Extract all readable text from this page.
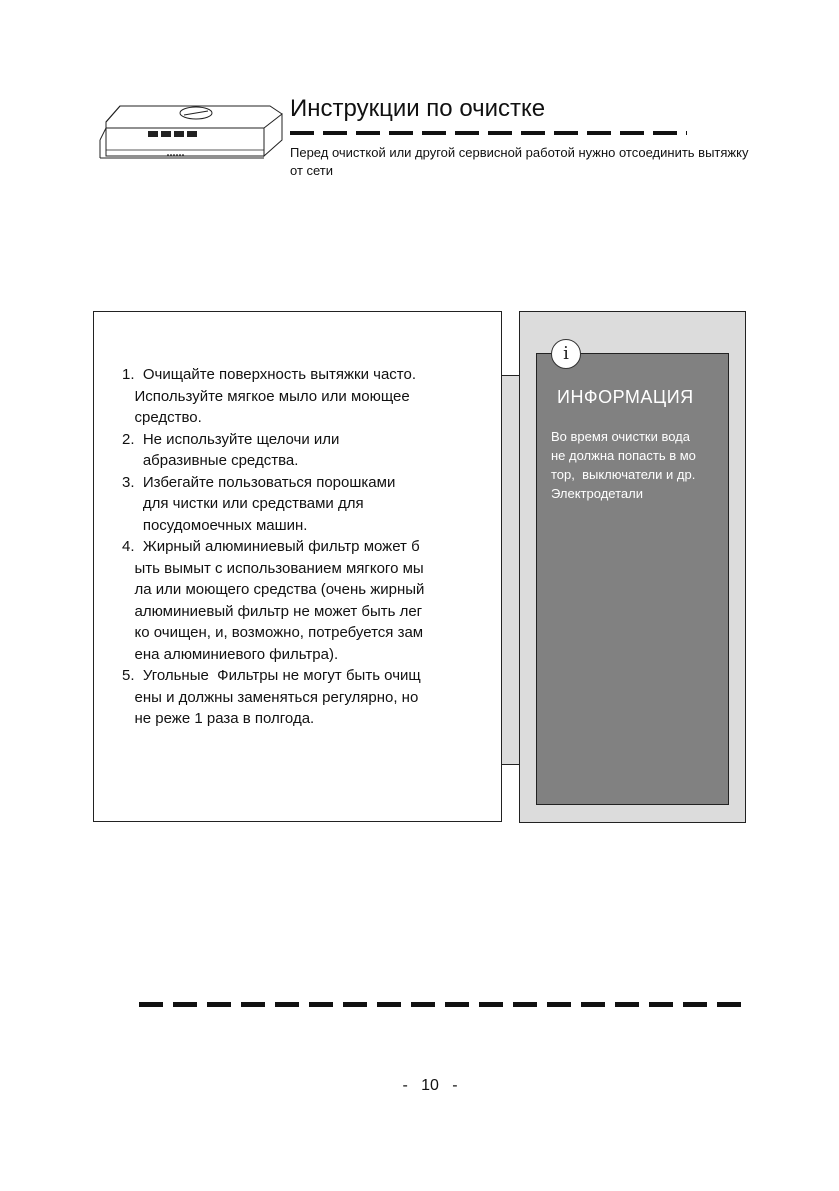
Инструкции по очистке
Перед очисткой или другой сервисной работой нужно отсоединить вытяжку от сети
1.  Очищайте поверхность вытяжки часто.
Используйте мягкое мыло или моющее
средство.
2.  Не используйте щелочи или
абразивные средства.
3.  Избегайте пользоваться порошками
для чистки или средствами для
посудомоечных машин.
4.  Жирный алюминиевый фильтр может б
ыть вымыт с использованием мягкого мы
ла или моющего средства (очень жирный
алюминиевый фильтр не может быть лег
ко очищен, и, возможно, потребуется зам
ена алюминиевого фильтра).
5.  Угольные  Фильтры не могут быть очищ
ены и должны заменяться регулярно, но
не реже 1 раза в полгода.
i
ИНФОРМАЦИЯ
Во время очистки вода
не должна попасть в мо
тор,  выключатели и др.
Электродетали
-   10   -
